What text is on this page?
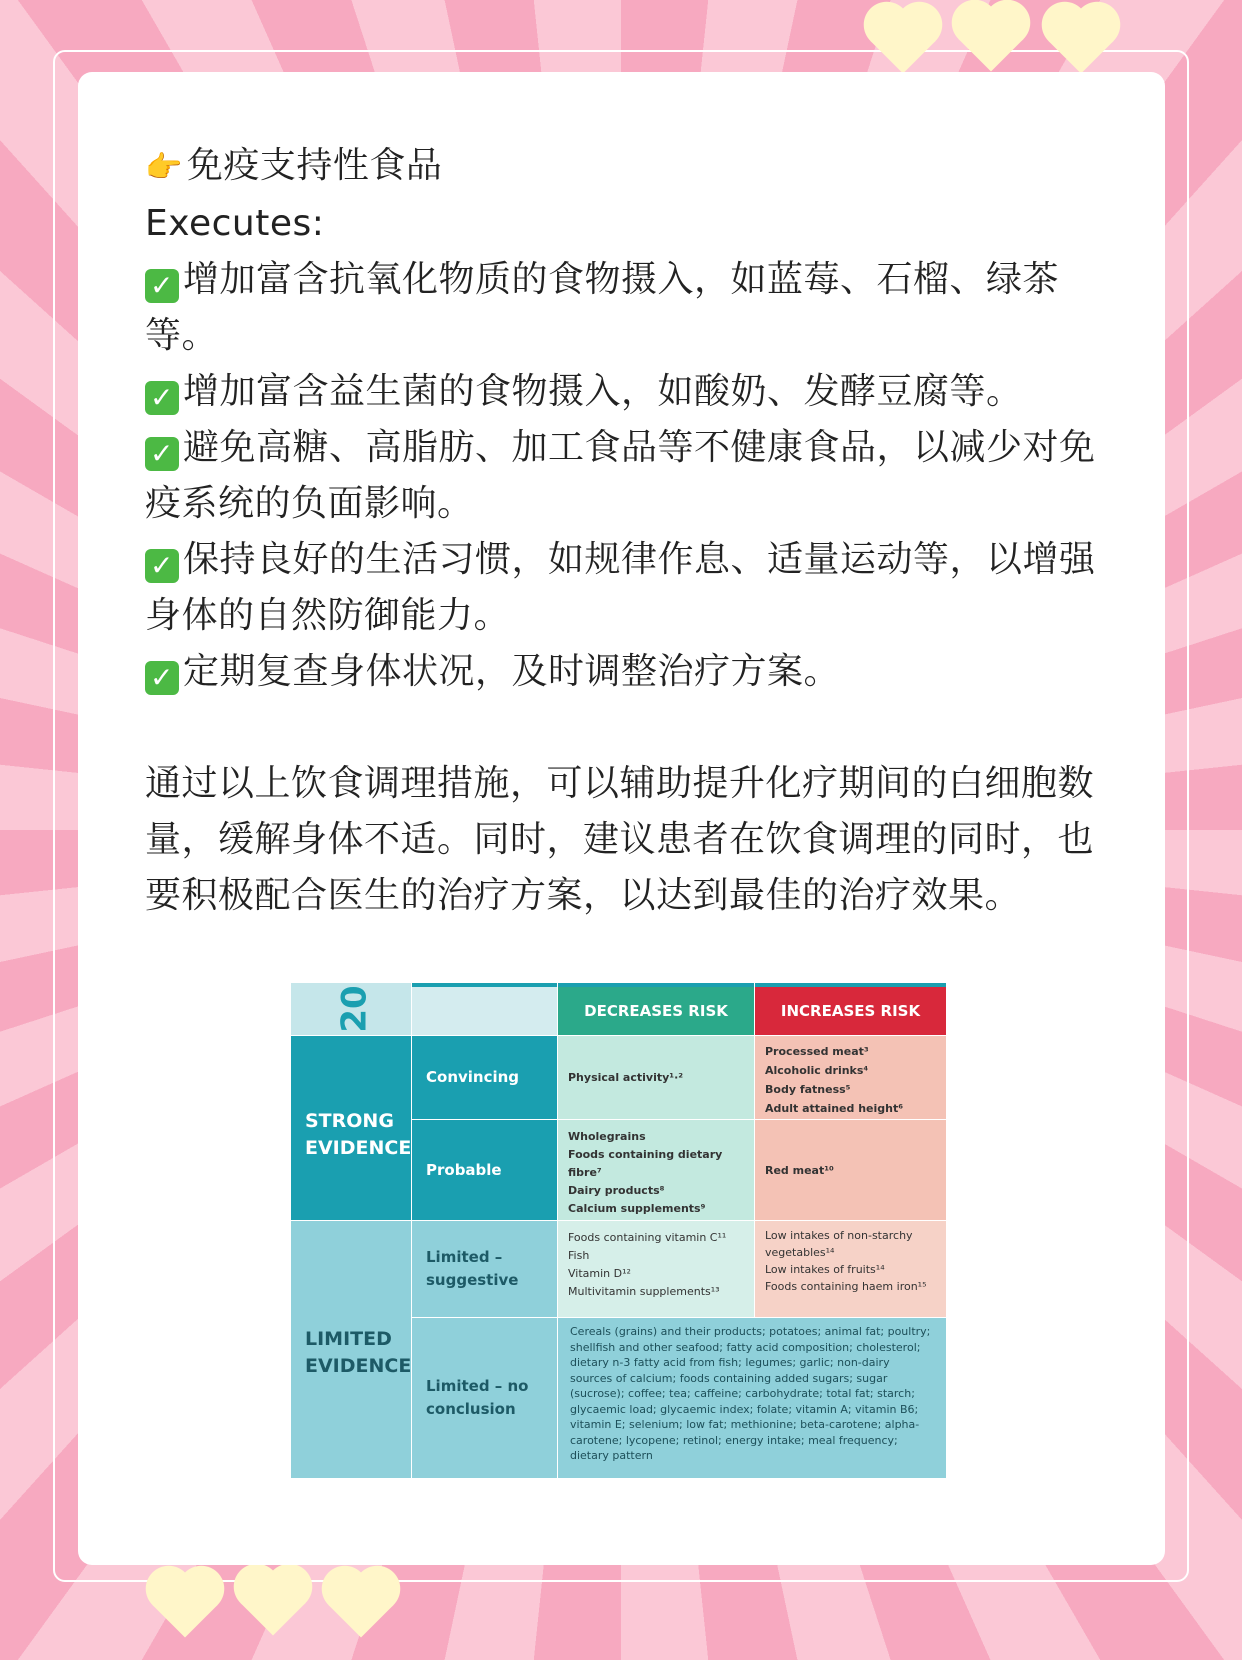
👉 免疫支持性食品

Executes:

✓ 增加富含抗氧化物质的食物摄入，如蓝莓、石榴、绿茶等。

✓ 增加富含益生菌的食物摄入，如酸奶、发酵豆腐等。

✓ 避免高糖、高脂肪、加工食品等不健康食品，以减少对免疫系统的负面影响。

✓ 保持良好的生活习惯，如规律作息、适量运动等，以增强身体的自然防御能力。

✓ 定期复查身体状况，及时调整治疗方案。

通过以上饮食调理措施，可以辅助提升化疗期间的白细胞数量，缓解身体不适。同时，建议患者在饮食调理的同时，也要积极配合医生的治疗方案，以达到最佳的治疗效果。

20	DECREASES RISK	INCREASES RISK
STRONG EVIDENCE
LIMITED EVIDENCE
Convincing
Probable
Limited – suggestive
Limited – no conclusion
Physical activity¹·²
Processed meat³
Alcoholic drinks⁴
Body fatness⁵
Adult attained height⁶
Wholegrains
Foods containing dietary fibre⁷
Dairy products⁸
Calcium supplements⁹
Red meat¹⁰
Foods containing vitamin C¹¹
Fish
Vitamin D¹²
Multivitamin supplements¹³
Low intakes of non-starchy vegetables¹⁴
Low intakes of fruits¹⁴
Foods containing haem iron¹⁵
Cereals (grains) and their products; potatoes; animal fat; poultry; shellfish and other seafood; fatty acid composition; cholesterol; dietary n-3 fatty acid from fish; legumes; garlic; non-dairy sources of calcium; foods containing added sugars; sugar (sucrose); coffee; tea; caffeine; carbohydrate; total fat; starch; glycaemic load; glycaemic index; folate; vitamin A; vitamin B6; vitamin E; selenium; low fat; methionine; beta-carotene; alpha-carotene; lycopene; retinol; energy intake; meal frequency; dietary pattern
